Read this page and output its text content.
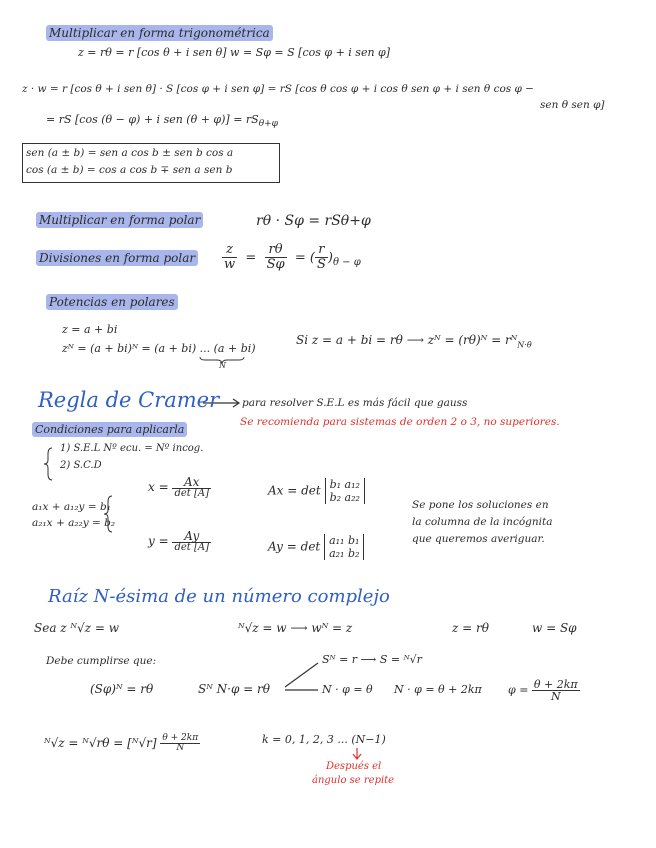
Multiplicar en forma trigonométrica
z = rθ = r [cos θ + i sen θ] w = Sφ = S [cos φ + i sen φ]
z · w = r [cos θ + i sen θ] · S [cos φ + i sen φ] = rS [cos θ cos φ + i cos θ sen φ + i sen θ cos φ −
sen θ sen φ]
= rS [cos (θ − φ) + i sen $(\theta + \varphi)] = rS_{\theta+\varphi}$
sen (a ± b) = sen a cos b ± sen b cos a
cos (a ± b) = cos a cos b ∓ sen a sen b
Multiplicar en forma polar	rθ · Sφ = rSθ+φ
Divisiones en forma polar $\frac{z}{w} = \frac{r\theta}{S\varphi}$ = ( $\frac{r}{S} )_{\theta - \varphi}$
Potencias en polares
z = a + bi
zᴺ = (a + bi)ᴺ = (a + bi) ... (a + bi)
N
Si z = a + bi = rθ ⟶ zᴺ = (rθ)ᴺ = rᴺ$_{N\cdot\theta}$
Regla de Cramer para resolver S.E.L es más fácil que gauss
Se recomienda para sistemas de orden 2 o 3, no superiores.
Condiciones para aplicarla
1) S.E.L Nº ecu. = Nº incog.
2) S.C.D
a₁x + a₁₂y = b₁
a₂₁x + a₂₂y = b₂
$x = \frac{Ax}{\det [A]}$
$y = \frac{Ay}{\det [A]}$
Ax = det b₁ a₁₂
b₂ a₂₂
Ay = det a₁₁ b₁
a₂₁ b₂
Se pone los soluciones en
la columna de la incógnita
que queremos averiguar.
Raíz N-ésima de un número complejo
Sea z ᴺ√z = w	ᴺ√z = w ⟶ wᴺ = z	z = rθ	w = Sφ
Debe cumplirse que:	Sᴺ = r ⟶ S = ᴺ√r
(Sφ)ᴺ = rθ	Sᴺ N·φ = rθ	N · φ = θ N · φ = θ + 2kπ $\varphi = \frac{\theta + 2k\pi}{N}$
ᴺ√z = ᴺ√rθ = [ᴺ√r] $\frac{\theta + 2k\pi}{N}$	k = 0, 1, 2, 3 ... (N−1)
Después el
ángulo se repite
